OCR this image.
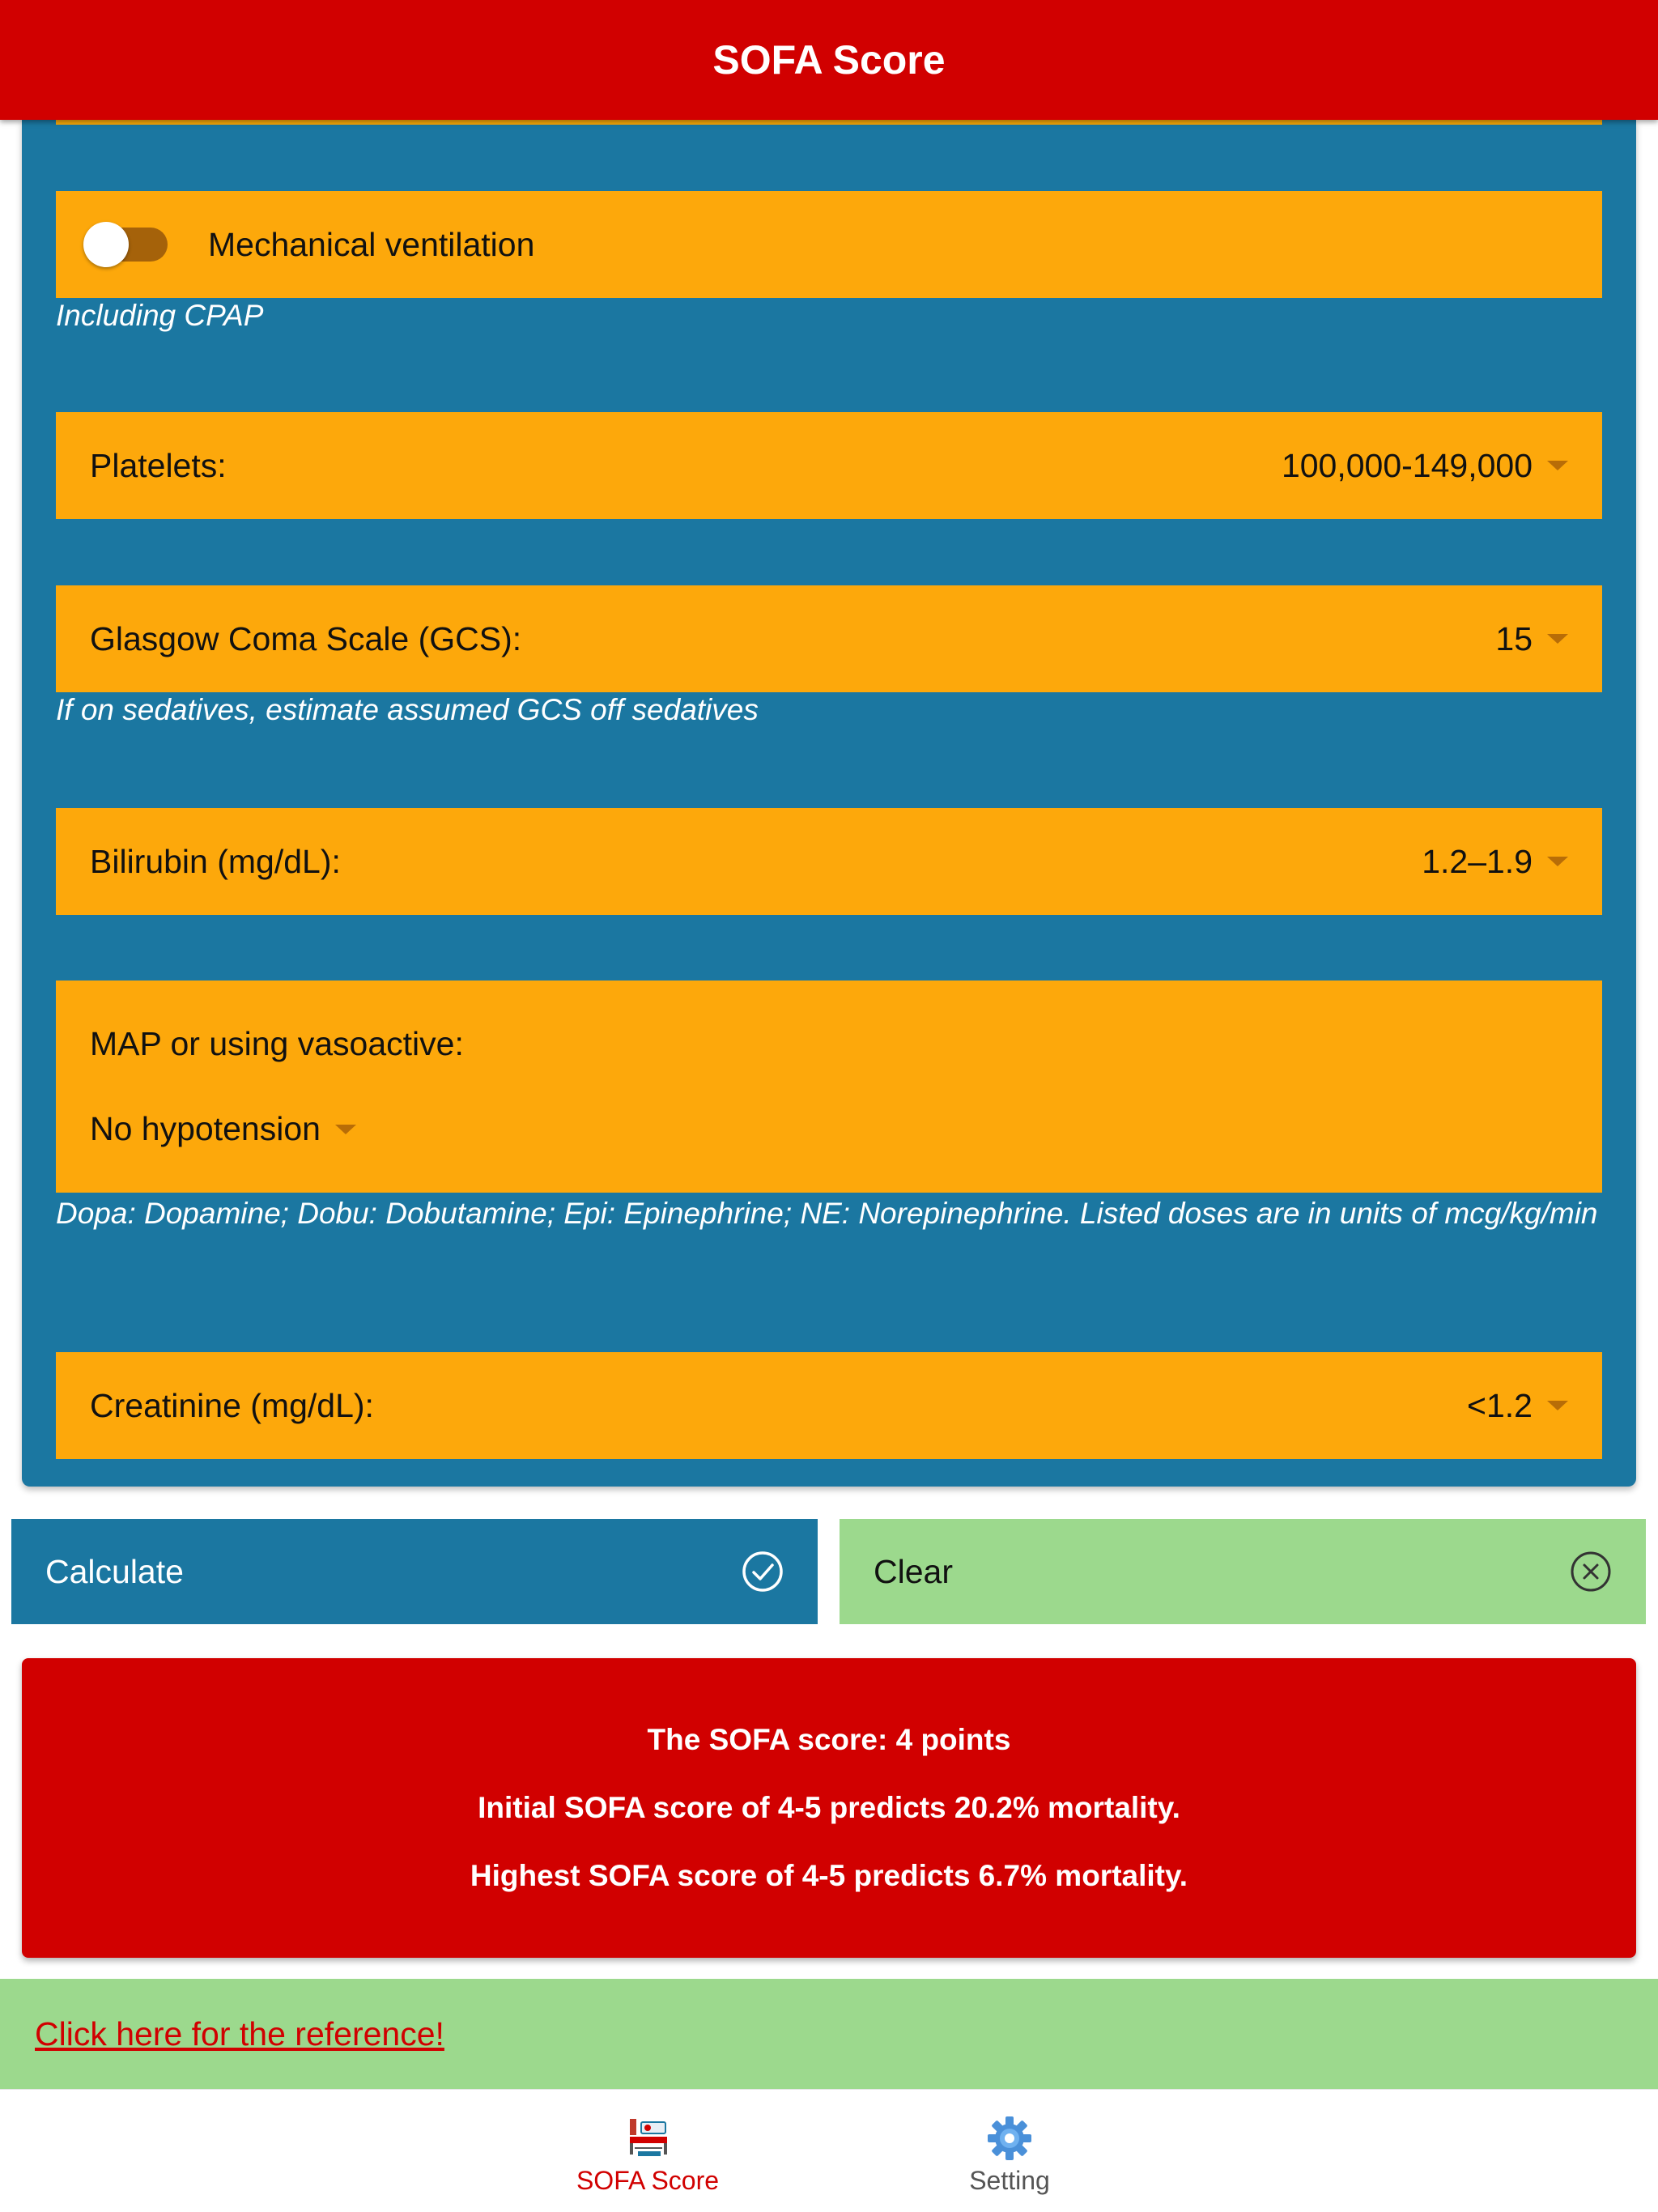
SOFA Score
Mechanical ventilation
Including CPAP
Platelets:	100,000-149,000
Glasgow Coma Scale (GCS):	15
If on sedatives, estimate assumed GCS off sedatives
Bilirubin (mg/dL):	1.2–1.9
MAP or using vasoactive:
No hypotension
Dopa: Dopamine; Dobu: Dobutamine; Epi: Epinephrine; NE: Norepinephrine. Listed doses are in units of mcg/kg/min
Creatinine (mg/dL):	<1.2
Calculate	Clear
The SOFA score: 4 points
Initial SOFA score of 4-5 predicts 20.2% mortality.
Highest SOFA score of 4-5 predicts 6.7% mortality.
Click here for the reference!
SOFA Score	Setting
